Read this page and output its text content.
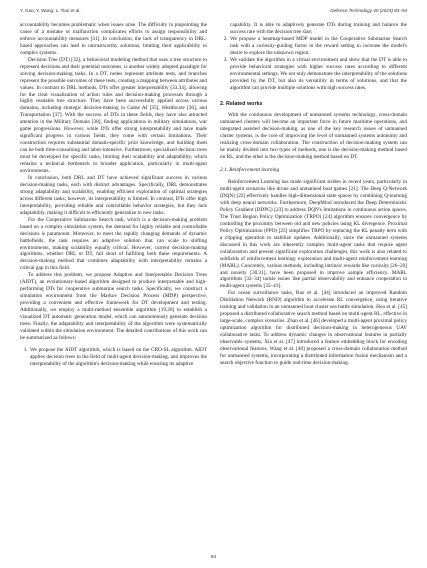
Y. Gao, Y. Wang, L. Tian et al.	Defence Technology 40 (2024) 83–94

accountability becomes problematic when issues arise. The difficulty in pinpointing the cause of a mistake or malfunction complicates efforts to assign responsibility and enforce accountability measures [31]. In conclusion, the lack of transparency in DRL-based approaches can lead to untrustworthy solutions, limiting their applicability to complex systems.

Decision Tree (DT) [32], a behavioral modeling method that uses a tree structure to represent decisions and their potential outcomes, is another widely adopted paradigm for solving decision-making tasks. In a DT, nodes represent attribute tests, and branches represent the possible outcomes of these tests, creating a mapping between attributes and values. In contrast to DRL methods, DTs offer greater interpretability [33,34], allowing for the clear visualization of action rules and decision-making processes through a highly readable tree structure. They have been successfully applied across various domains, including strategic decision-making in Game AI [35], Healthcare [36], and Transportation [37]. With the success of DTs in these fields, they have also attracted attention in the Military Domain [38], finding applications in military simulations, war game progressions. However, while DTs offer strong interpretability and have made significant progress in various fields, they come with certain limitations. Their construction requires substantial domain-specific prior knowledge, and building them can be both time-consuming and labor-intensive. Furthermore, specialized decision trees must be developed for specific tasks, limiting their scalability and adaptability, which remains a technical bottleneck to broader application, particularly in multi-agent environments.

In conclusion, both DRL and DT have achieved significant success in various decision-making tasks, each with distinct advantages. Specifically, DRL demonstrates strong adaptability and scalability, enabling efficient exploration of optimal strategies across different tasks; however, its interpretability is limited. In contrast, DTs offer high interpretability, providing reliable and controllable behavior strategies, but they lack adaptability, making it difficult to efficiently generalize to new tasks.

For the Cooperative Submarine Search task, which is a decision-making problem based on a complex simulation system, the demand for highly reliable and controllable decisions is paramount. Moreover, to meet the rapidly changing demands of dynamic battlefields, the task requires an adaptive solution that can scale to shifting environments, making scalability equally critical. However, current decision-making algorithms, whether DRL or DT, fall short of fulfilling both these requirements. A decision-making method that combines adaptability with interpretability remains a critical gap in this field.

To address this problem, we propose Adaptive and Interpretable Decision Trees (AIDT), an evolutionary-based algorithm designed to produce interpretable and high-performing DTs for cooperative submarine search tasks. Specifically, we construct a simulation environment from the Markov Decision Process (MDP) perspective, providing a convenient and effective framework for DT development and testing. Additionally, we employ a multi-method ensemble algorithm [19,20] to establish a visualized DT automatic generation model, which can autonomously generate decision trees. Finally, the adaptability and interpretability of the algorithm were systematically validated within the simulation environment. The detailed contributions of this work can be summarized as follows:

1. We propose the AIDT algorithm, which is based on the CRO-SL algorithm. AIDT applies decision trees to the field of multi-agent decision-making, and improves the interpretability of the algorithm's decision-making while ensuring its adaptive

capability. It is able to adaptively generate DTs during training and balance the success rate with the decision tree size;

2. We propose a heatmap-based MDP model in the Cooperative Submarine Search task with a curiosity-guiding factor in the reward setting to increase the model's desire to explore the unknown region;
3. We validate the algorithm in a virtual environment and show that the DT is able to provide behavioral strategies with higher success rates according to different environmental settings. We not only demonstrate the interpretability of the solutions provided by the DT, but also its versatility in terms of solutions, and that the algorithm can provide multiple solutions with high success rates.
2. Related works

With the continuous development of unmanned systems technology, cross-domain unmanned clusters will become an important force in future maritime operations, and integrated assisted decision-making, as one of the key research issues of unmanned cluster systems, is the core of improving the level of unmanned systems autonomy and realizing cross-domain collaboration. The construction of decision-making system can be mainly divided into two types of methods, one is the decision-making method based on RL, and the other is the decision-making method based on DT.

2.1. Reinforcement learning

Reinforcement Learning has made significant strides in recent years, particularly in multi-agent scenarios like drone and unmanned boat games [21]. The Deep Q-Network (DQN) [22] effectively handles high-dimensional state spaces by combining Q-learning with deep neural networks. Furthermore, DeepMind introduced the Deep Deterministic Policy Gradient (DDPG) [23] to address DQN's limitations in continuous action spaces. The Trust Region Policy Optimization (TRPO) [24] algorithm ensures convergence by controlling the proximity between old and new policies using KL divergence. Proximal Policy Optimization (PPO) [25] simplifies TRPO by replacing the KL penalty term with a clipping operation to stabilize updates. Additionally, since the unmanned systems discussed in this work are inherently complex multi-agent tasks that require agent collaboration and present significant exploration challenges, this work is also related to subfields of reinforcement learning: exploration and multi-agent reinforcement learning (MARL). Concretely, various methods, including intrinsic rewards like curiosity [26–29] and novelty [30,31], have been proposed to improve sample efficiency. MARL algorithms [32–34] tackle issues like partial observability and enhance cooperation in multi-agent systems [35–41].

For ocean surveillance tasks, Rao et al. [44] introduced an improved Random Distillation Network (RND) algorithm to accelerate RL convergence, using iterative training and validation in an unmanned boat cluster sea battle simulation. Hou et al. [45] proposed a distributed collaborative search method based on multi-agent RL, effective in large-scale, complex scenarios. Zhan et al. [46] developed a multi-agent proximal policy optimization algorithm for distributed decision-making in heterogeneous UAV collaborative tasks. To address dynamic changes in observational features in partially observable systems, Xia et al. [47] introduced a feature embedding block for encoding observational features. Wang et al. [48] proposed a cross-domain collaboration method for unmanned systems, incorporating a distributed information fusion mechanism and a search objective function to guide real-time decision-making.

84
